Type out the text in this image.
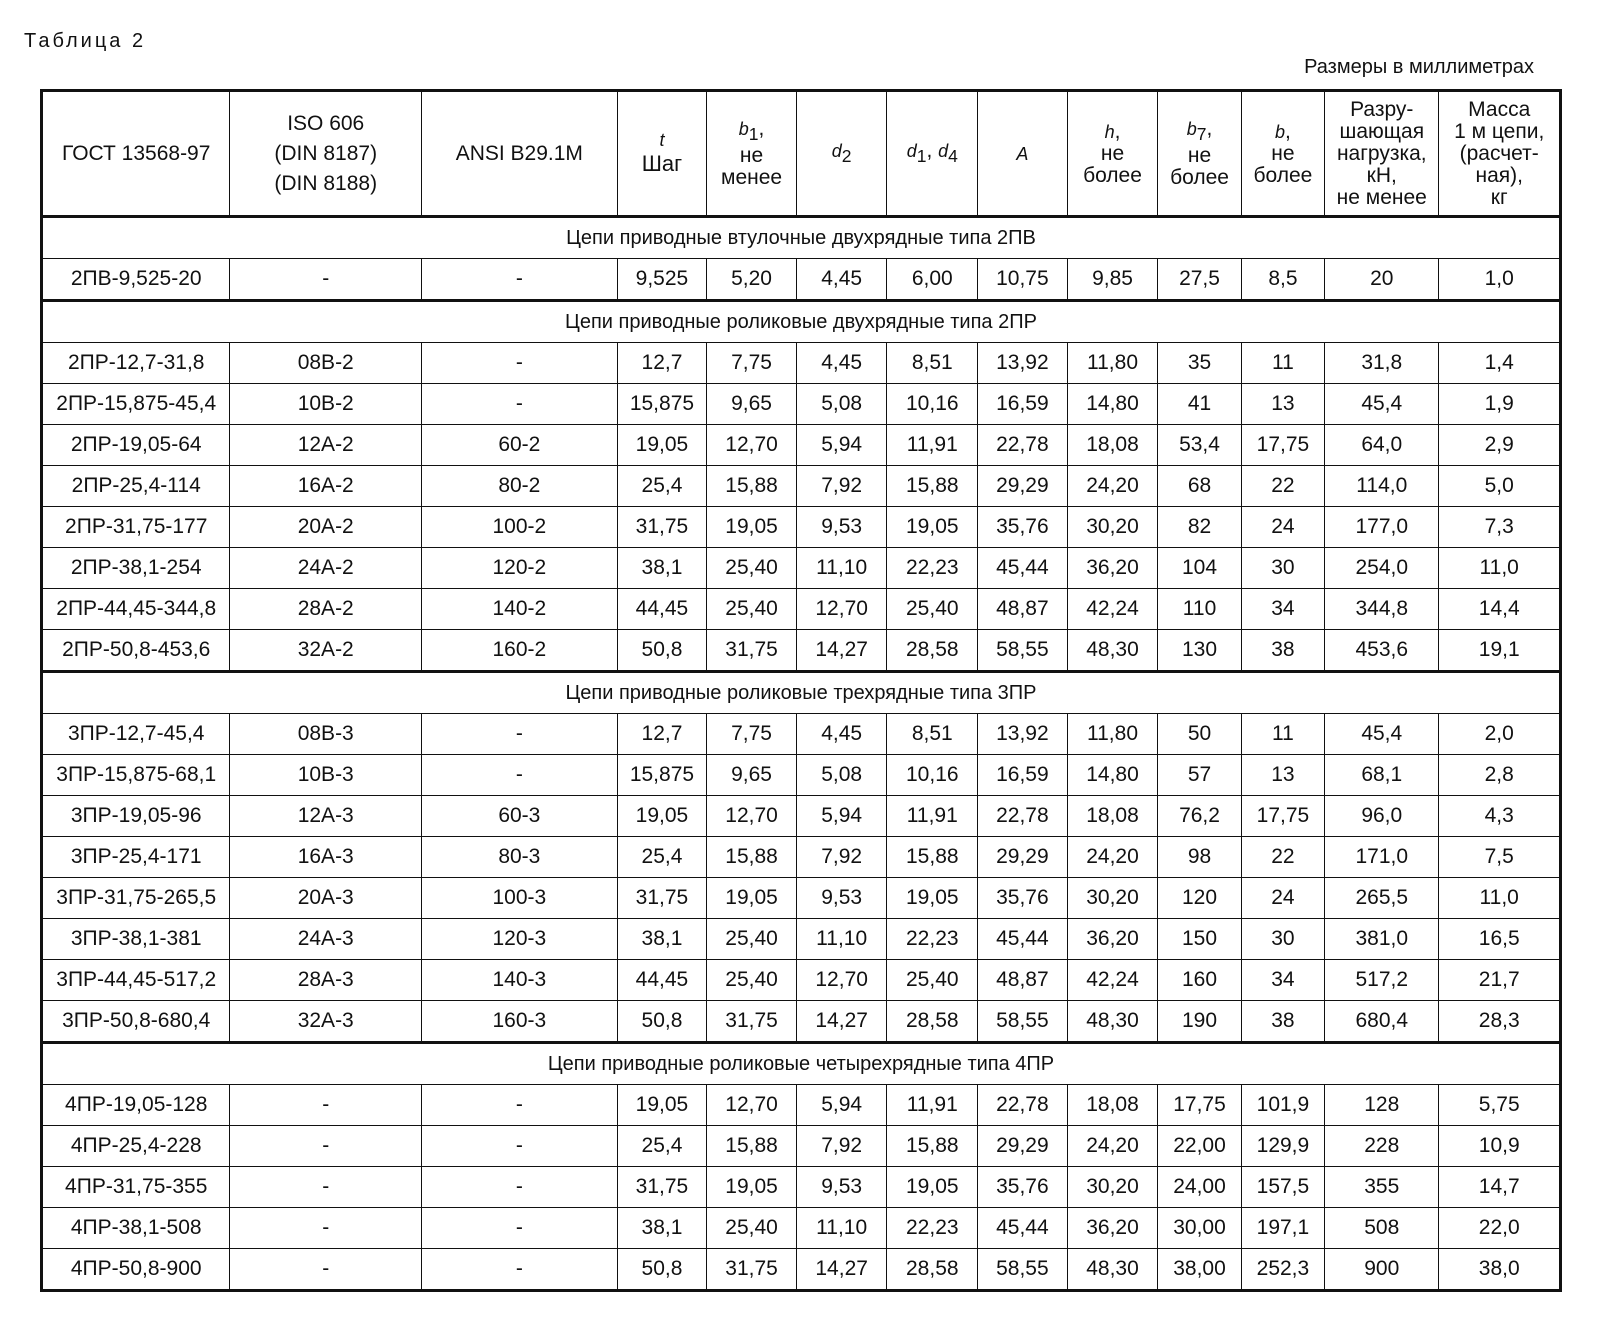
Таблица 2
Размеры в миллиметрах
ГОСТ 13568-97	ISO 606
(DIN 8187)
(DIN 8188)	ANSI B29.1M	t
Шаг	$b_1$,
не
менее	$d_2$	$d_1$, $d_4$	A	h,
не
более	$b_7$,
не
более	b,
не
более	Разру-
шающая
нагрузка,
кН,
не менее	Масса
1 м цепи,
(расчет-
ная),
кг

Цепи приводные втулочные двухрядные типа 2ПВ												
2ПВ-9,525-20	-	-	9,525	5,20	4,45	6,00	10,75	9,85	27,5	8,5	20	1,0
Цепи приводные роликовые двухрядные типа 2ПР												
2ПР-12,7-31,8	08В-2	-	12,7	7,75	4,45	8,51	13,92	11,80	35	11	31,8	1,4
2ПР-15,875-45,4	10В-2	-	15,875	9,65	5,08	10,16	16,59	14,80	41	13	45,4	1,9
2ПР-19,05-64	12А-2	60-2	19,05	12,70	5,94	11,91	22,78	18,08	53,4	17,75	64,0	2,9
2ПР-25,4-114	16А-2	80-2	25,4	15,88	7,92	15,88	29,29	24,20	68	22	114,0	5,0
2ПР-31,75-177	20А-2	100-2	31,75	19,05	9,53	19,05	35,76	30,20	82	24	177,0	7,3
2ПР-38,1-254	24А-2	120-2	38,1	25,40	11,10	22,23	45,44	36,20	104	30	254,0	11,0
2ПР-44,45-344,8	28А-2	140-2	44,45	25,40	12,70	25,40	48,87	42,24	110	34	344,8	14,4
2ПР-50,8-453,6	32А-2	160-2	50,8	31,75	14,27	28,58	58,55	48,30	130	38	453,6	19,1
Цепи приводные роликовые трехрядные типа 3ПР												
3ПР-12,7-45,4	08В-3	-	12,7	7,75	4,45	8,51	13,92	11,80	50	11	45,4	2,0
3ПР-15,875-68,1	10В-3	-	15,875	9,65	5,08	10,16	16,59	14,80	57	13	68,1	2,8
3ПР-19,05-96	12А-3	60-3	19,05	12,70	5,94	11,91	22,78	18,08	76,2	17,75	96,0	4,3
3ПР-25,4-171	16А-3	80-3	25,4	15,88	7,92	15,88	29,29	24,20	98	22	171,0	7,5
3ПР-31,75-265,5	20А-3	100-3	31,75	19,05	9,53	19,05	35,76	30,20	120	24	265,5	11,0
3ПР-38,1-381	24А-3	120-3	38,1	25,40	11,10	22,23	45,44	36,20	150	30	381,0	16,5
3ПР-44,45-517,2	28А-3	140-3	44,45	25,40	12,70	25,40	48,87	42,24	160	34	517,2	21,7
3ПР-50,8-680,4	32А-3	160-3	50,8	31,75	14,27	28,58	58,55	48,30	190	38	680,4	28,3
Цепи приводные роликовые четырехрядные типа 4ПР												
4ПР-19,05-128	-	-	19,05	12,70	5,94	11,91	22,78	18,08	17,75	101,9	128	5,75
4ПР-25,4-228	-	-	25,4	15,88	7,92	15,88	29,29	24,20	22,00	129,9	228	10,9
4ПР-31,75-355	-	-	31,75	19,05	9,53	19,05	35,76	30,20	24,00	157,5	355	14,7
4ПР-38,1-508	-	-	38,1	25,40	11,10	22,23	45,44	36,20	30,00	197,1	508	22,0
4ПР-50,8-900	-	-	50,8	31,75	14,27	28,58	58,55	48,30	38,00	252,3	900	38,0
